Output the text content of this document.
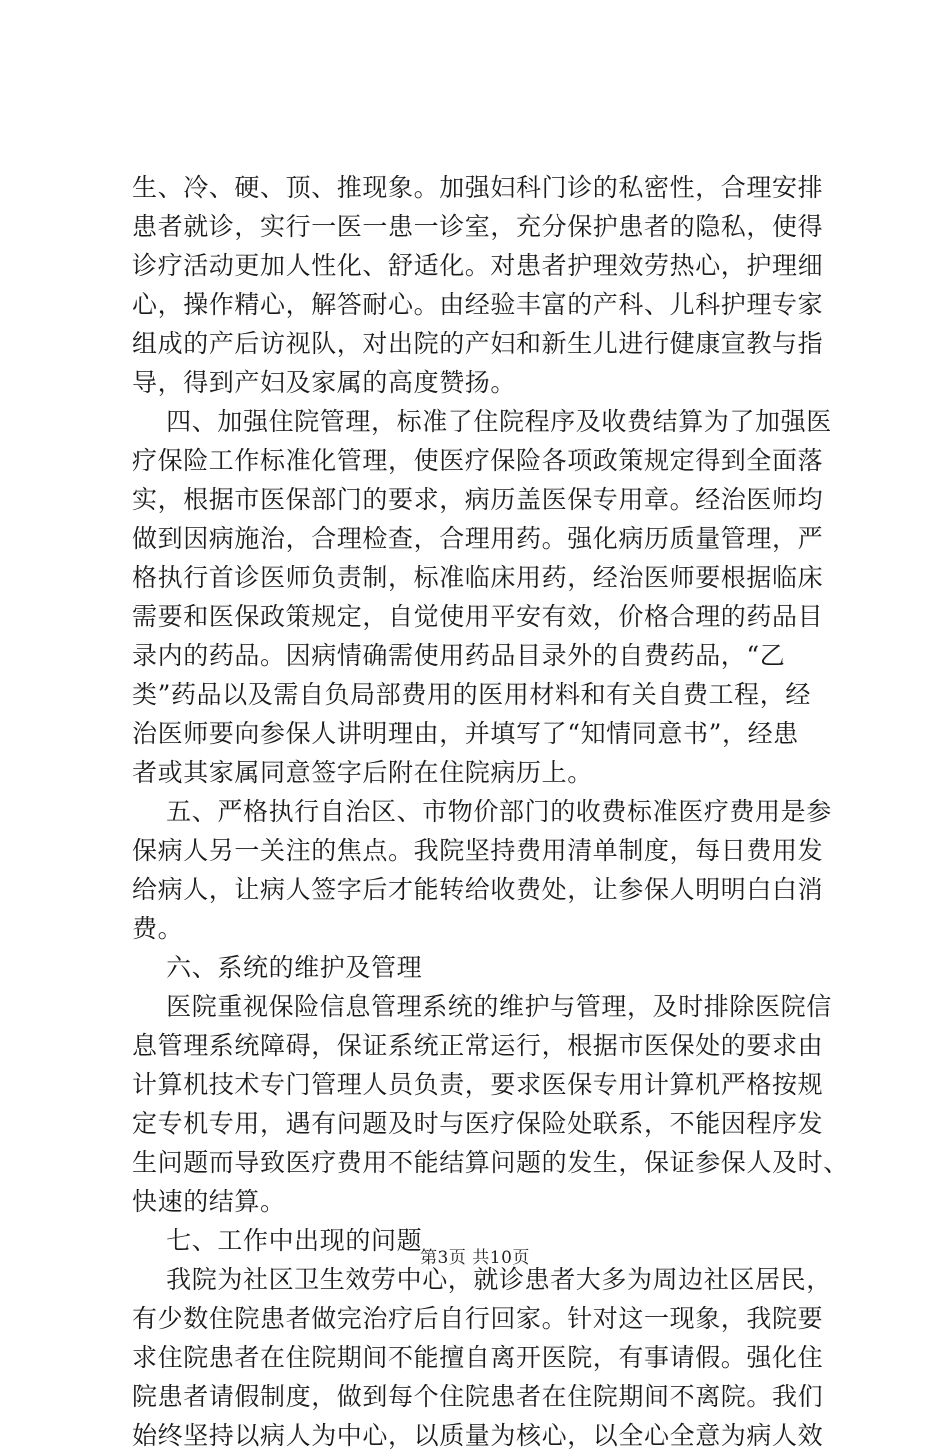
生、冷、硬、顶、推现象。加强妇科门诊的私密性，合理安排
患者就诊，实行一医一患一诊室，充分保护患者的隐私，使得
诊疗活动更加人性化、舒适化。对患者护理效劳热心，护理细
心，操作精心，解答耐心。由经验丰富的产科、儿科护理专家
组成的产后访视队，对出院的产妇和新生儿进行健康宣教与指
导，得到产妇及家属的高度赞扬。
四、加强住院管理，标准了住院程序及收费结算为了加强医
疗保险工作标准化管理，使医疗保险各项政策规定得到全面落
实，根据市医保部门的要求，病历盖医保专用章。经治医师均
做到因病施治，合理检查，合理用药。强化病历质量管理，严
格执行首诊医师负责制，标准临床用药，经治医师要根据临床
需要和医保政策规定，自觉使用平安有效，价格合理的药品目
录内的药品。因病情确需使用药品目录外的自费药品，“乙
类”药品以及需自负局部费用的医用材料和有关自费工程，经
治医师要向参保人讲明理由，并填写了“知情同意书”，经患
者或其家属同意签字后附在住院病历上。
五、严格执行自治区、市物价部门的收费标准医疗费用是参
保病人另一关注的焦点。我院坚持费用清单制度，每日费用发
给病人，让病人签字后才能转给收费处，让参保人明明白白消
费。
六、系统的维护及管理
医院重视保险信息管理系统的维护与管理，及时排除医院信
息管理系统障碍，保证系统正常运行，根据市医保处的要求由
计算机技术专门管理人员负责，要求医保专用计算机严格按规
定专机专用，遇有问题及时与医疗保险处联系，不能因程序发
生问题而导致医疗费用不能结算问题的发生，保证参保人及时、
快速的结算。
七、工作中出现的问题
我院为社区卫生效劳中心，就诊患者大多为周边社区居民，
有少数住院患者做完治疗后自行回家。针对这一现象，我院要
求住院患者在住院期间不能擅自离开医院，有事请假。强化住
院患者请假制度，做到每个住院患者在住院期间不离院。我们
始终坚持以病人为中心，以质量为核心，以全心全意为病人效
第3页 共10页
